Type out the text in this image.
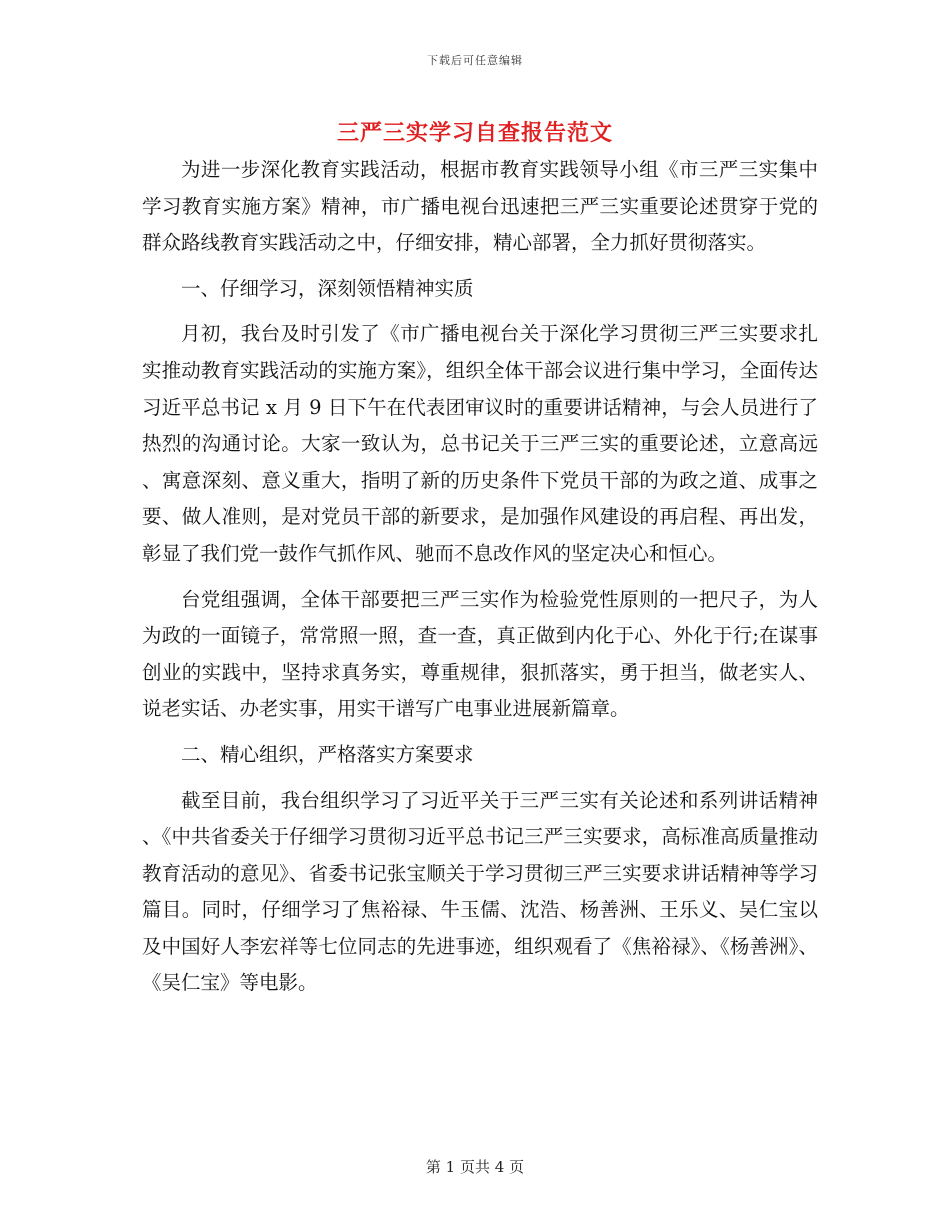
下载后可任意编辑
三严三实学习自查报告范文

为进一步深化教育实践活动，根据市教育实践领导小组《市三严三实集中学习教育实施方案》精神，市广播电视台迅速把三严三实重要论述贯穿于党的群众路线教育实践活动之中，仔细安排，精心部署，全力抓好贯彻落实。

一、仔细学习，深刻领悟精神实质

月初，我台及时引发了《市广播电视台关于深化学习贯彻三严三实要求扎实推动教育实践活动的实施方案》，组织全体干部会议进行集中学习，全面传达习近平总书记 x 月 9 日下午在代表团审议时的重要讲话精神，与会人员进行了热烈的沟通讨论。大家一致认为，总书记关于三严三实的重要论述，立意高远、寓意深刻、意义重大，指明了新的历史条件下党员干部的为政之道、成事之要、做人准则，是对党员干部的新要求，是加强作风建设的再启程、再出发，彰显了我们党一鼓作气抓作风、驰而不息改作风的坚定决心和恒心。

台党组强调，全体干部要把三严三实作为检验党性原则的一把尺子，为人为政的一面镜子，常常照一照，查一查，真正做到内化于心、外化于行;在谋事创业的实践中，坚持求真务实，尊重规律，狠抓落实，勇于担当，做老实人、说老实话、办老实事，用实干谱写广电事业进展新篇章。

二、精心组织，严格落实方案要求

截至目前，我台组织学习了习近平关于三严三实有关论述和系列讲话精神、《中共省委关于仔细学习贯彻习近平总书记三严三实要求，高标准高质量推动教育活动的意见》、省委书记张宝顺关于学习贯彻三严三实要求讲话精神等学习篇目。同时，仔细学习了焦裕禄、牛玉儒、沈浩、杨善洲、王乐义、吴仁宝以及中国好人李宏祥等七位同志的先进事迹，组织观看了《焦裕禄》、《杨善洲》、《吴仁宝》等电影。

第 1 页共 4 页
